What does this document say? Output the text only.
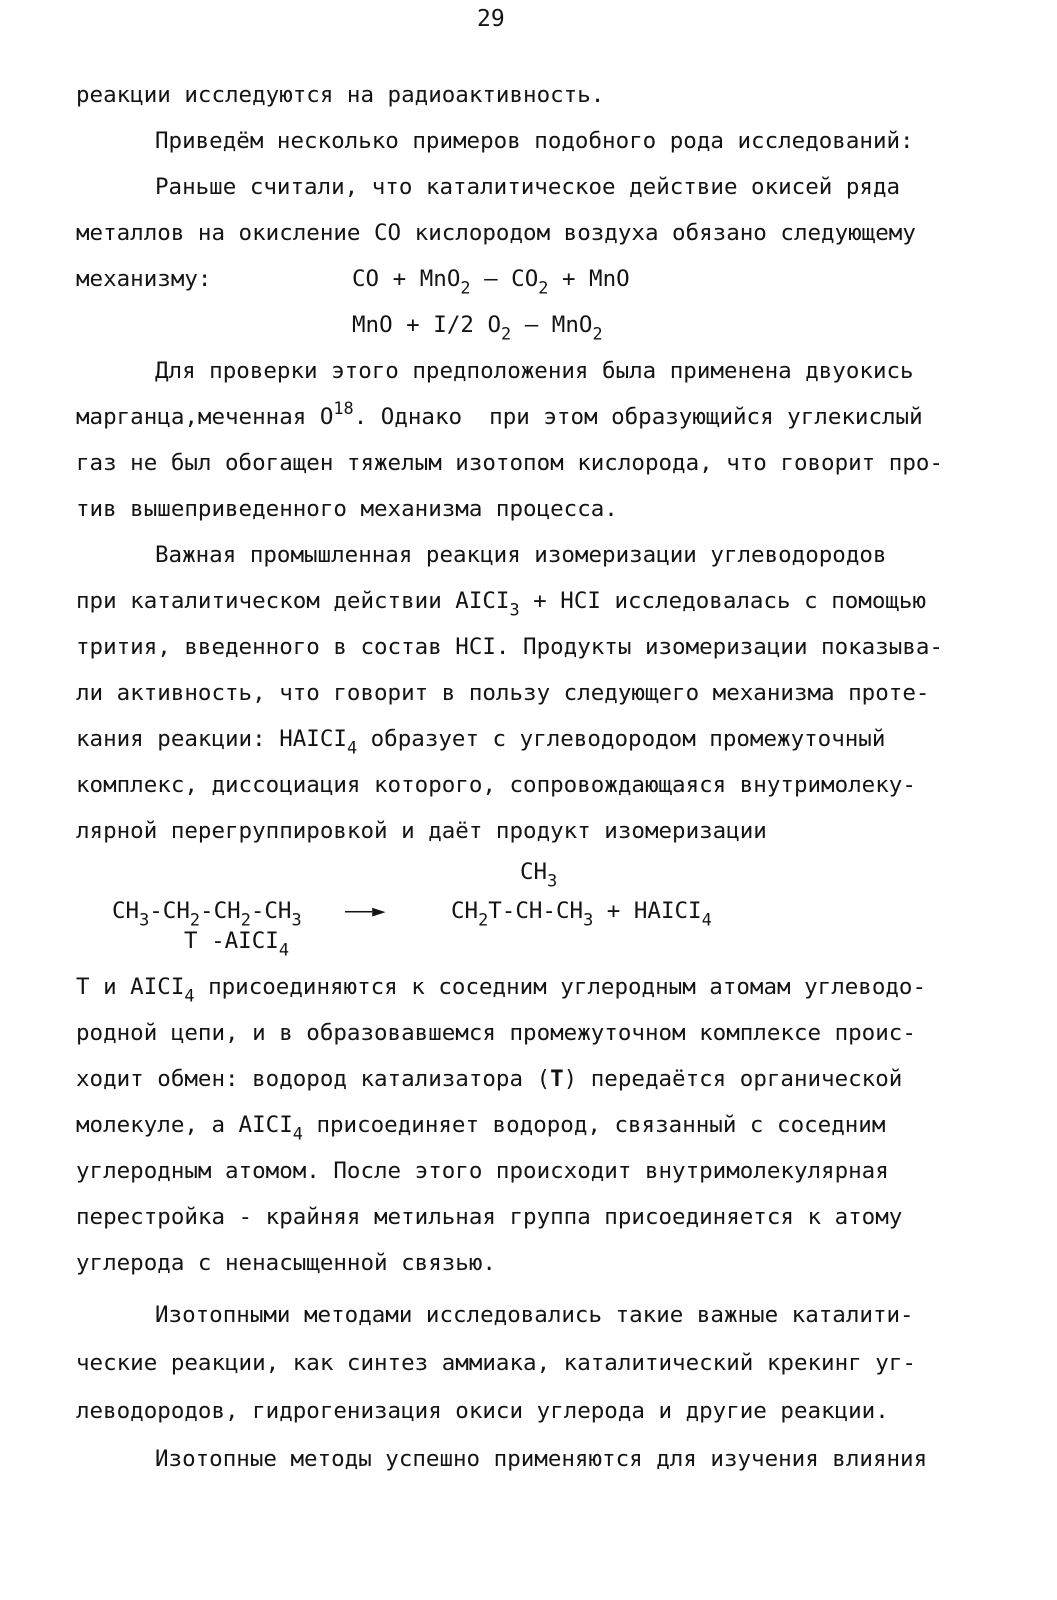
29
реакции исследуются на радиоактивность.
Приведём несколько примеров подобного рода исследований:
Раньше считали, что каталитическое действие окисей ряда
металлов на окисление CO кислородом воздуха обязано следующему
механизму:	CO + MnO$_2$ — $CO_2$ + MnO
MnO + I/2 $O_2$ — MnO$_2$
Для проверки этого предположения была применена двуокись
марганца,меченная $O^{18}$. Однако  при этом образующийся углекислый
газ не был обогащен тяжелым изотопом кислорода, что говорит про-
тив вышеприведенного механизма процесса.
Важная промышленная реакция изомеризации углеводородов
при каталитическом действии $AICI_3$ + HCI исследовалась с помощью
трития, введенного в состав HCI. Продукты изомеризации показыва-
ли активность, что говорит в пользу следующего механизма проте-
кания реакции: $HAICI_4$ образует с углеводородом промежуточный
комплекс, диссоциация которого, сопровождающаяся внутримолеку-
лярной перегруппировкой и даёт продукт изомеризации
$CH_3$
$CH_3-CH_2-CH_2-CH_3$ ——►	$CH_2T-CH-CH_3$ + $HAICI_4$
T $-AICI_4$
T и $AICI_4$ присоединяются к соседним углеродным атомам углеводо-
родной цепи, и в образовавшемся промежуточном комплексе проис-
ходит обмен: водород катализатора (T) передаётся органической
молекуле, а $AICI_4$ присоединяет водород, связанный с соседним
углеродным атомом. После этого происходит внутримолекулярная
перестройка - крайняя метильная группа присоединяется к атому
углерода с ненасыщенной связью.
Изотопными методами исследовались такие важные каталити-
ческие реакции, как синтез аммиака, каталитический крекинг уг-
леводородов, гидрогенизация окиси углерода и другие реакции.
Изотопные методы успешно применяются для изучения влияния
